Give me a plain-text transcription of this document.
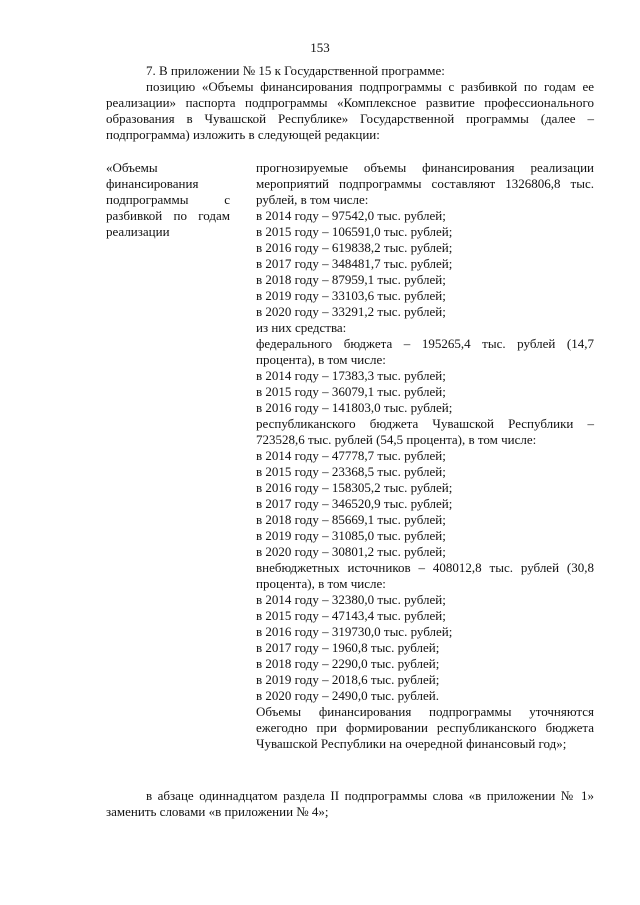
153

7. В приложении № 15 к Государственной программе:

позицию «Объемы финансирования подпрограммы с разбивкой по годам ее реализации» паспорта подпрограммы «Комплексное развитие профессионального образования в Чувашской Республике» Государственной программы (далее – подпрограмма) изложить в следующей редакции:

«Объемы финансирования подпрограммы с разбивкой по годам реализации

прогнозируемые объемы финансирования реализации мероприятий подпрограммы составляют 1326806,8 тыс. рублей, в том числе:

в 2014 году – 97542,0 тыс. рублей;
в 2015 году – 106591,0 тыс. рублей;
в 2016 году – 619838,2 тыс. рублей;
в 2017 году – 348481,7 тыс. рублей;
в 2018 году – 87959,1 тыс. рублей;
в 2019 году – 33103,6 тыс. рублей;
в 2020 году – 33291,2 тыс. рублей;

из них средства:

федерального бюджета – 195265,4 тыс. рублей (14,7 процента), в том числе:

в 2014 году – 17383,3 тыс. рублей;
в 2015 году – 36079,1 тыс. рублей;
в 2016 году – 141803,0 тыс. рублей;

республиканского бюджета Чувашской Республики – 723528,6 тыс. рублей (54,5 процента), в том числе:

в 2014 году – 47778,7 тыс. рублей;
в 2015 году – 23368,5 тыс. рублей;
в 2016 году – 158305,2 тыс. рублей;
в 2017 году – 346520,9 тыс. рублей;
в 2018 году – 85669,1 тыс. рублей;
в 2019 году – 31085,0 тыс. рублей;
в 2020 году – 30801,2 тыс. рублей;

внебюджетных источников – 408012,8 тыс. рублей (30,8 процента), в том числе:

в 2014 году – 32380,0 тыс. рублей;
в 2015 году – 47143,4 тыс. рублей;
в 2016 году – 319730,0 тыс. рублей;
в 2017 году – 1960,8 тыс. рублей;
в 2018 году – 2290,0 тыс. рублей;
в 2019 году – 2018,6 тыс. рублей;
в 2020 году – 2490,0 тыс. рублей.

Объемы финансирования подпрограммы уточняются ежегодно при формировании республиканского бюджета Чувашской Республики на очередной финансовый год»;

в абзаце одиннадцатом раздела II подпрограммы слова «в приложении № 1» заменить словами «в приложении № 4»;
